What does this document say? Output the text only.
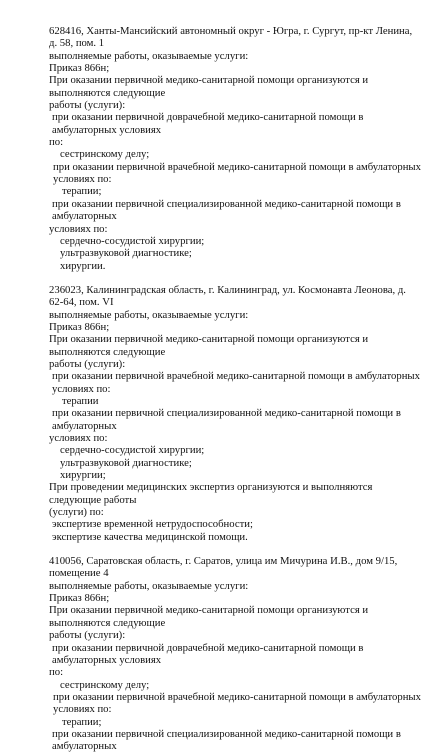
628416, Ханты-Мансийский автономный округ - Югра, г. Сургут, пр-кт Ленина, д. 58, пом. 1
выполняемые работы, оказываемые услуги:
Приказ 866н;
При оказании первичной медико-санитарной помощи организуются и выполняются следующие
работы (услуги):
при оказании первичной доврачебной медико-санитарной помощи в амбулаторных условиях
по:
сестринскому делу;
при оказании первичной врачебной медико-санитарной помощи в амбулаторных условиях по:
терапии;
при оказании первичной специализированной медико-санитарной помощи в амбулаторных
условиях по:
сердечно-сосудистой хирургии;
ультразвуковой диагностике;
хирургии.
236023, Калининградская область, г. Калининград, ул. Космонавта Леонова, д. 62-64, пом. VI
выполняемые работы, оказываемые услуги:
Приказ 866н;
При оказании первичной медико-санитарной помощи организуются и выполняются следующие
работы (услуги):
при оказании первичной врачебной медико-санитарной помощи в амбулаторных условиях по:
терапии
при оказании первичной специализированной медико-санитарной помощи в амбулаторных
условиях по:
сердечно-сосудистой хирургии;
ультразвуковой диагностике;
хирургии;
При проведении медицинских экспертиз организуются и выполняются следующие работы
(услуги) по:
экспертизе временной нетрудоспособности;
экспертизе качества медицинской помощи.
410056, Саратовская область, г. Саратов, улица им Мичурина И.В., дом 9/15, помещение 4
выполняемые работы, оказываемые услуги:
Приказ 866н;
При оказании первичной медико-санитарной помощи организуются и выполняются следующие
работы (услуги):
при оказании первичной доврачебной медико-санитарной помощи в амбулаторных условиях
по:
сестринскому делу;
при оказании первичной врачебной медико-санитарной помощи в амбулаторных условиях по:
терапии;
при оказании первичной специализированной медико-санитарной помощи в амбулаторных
